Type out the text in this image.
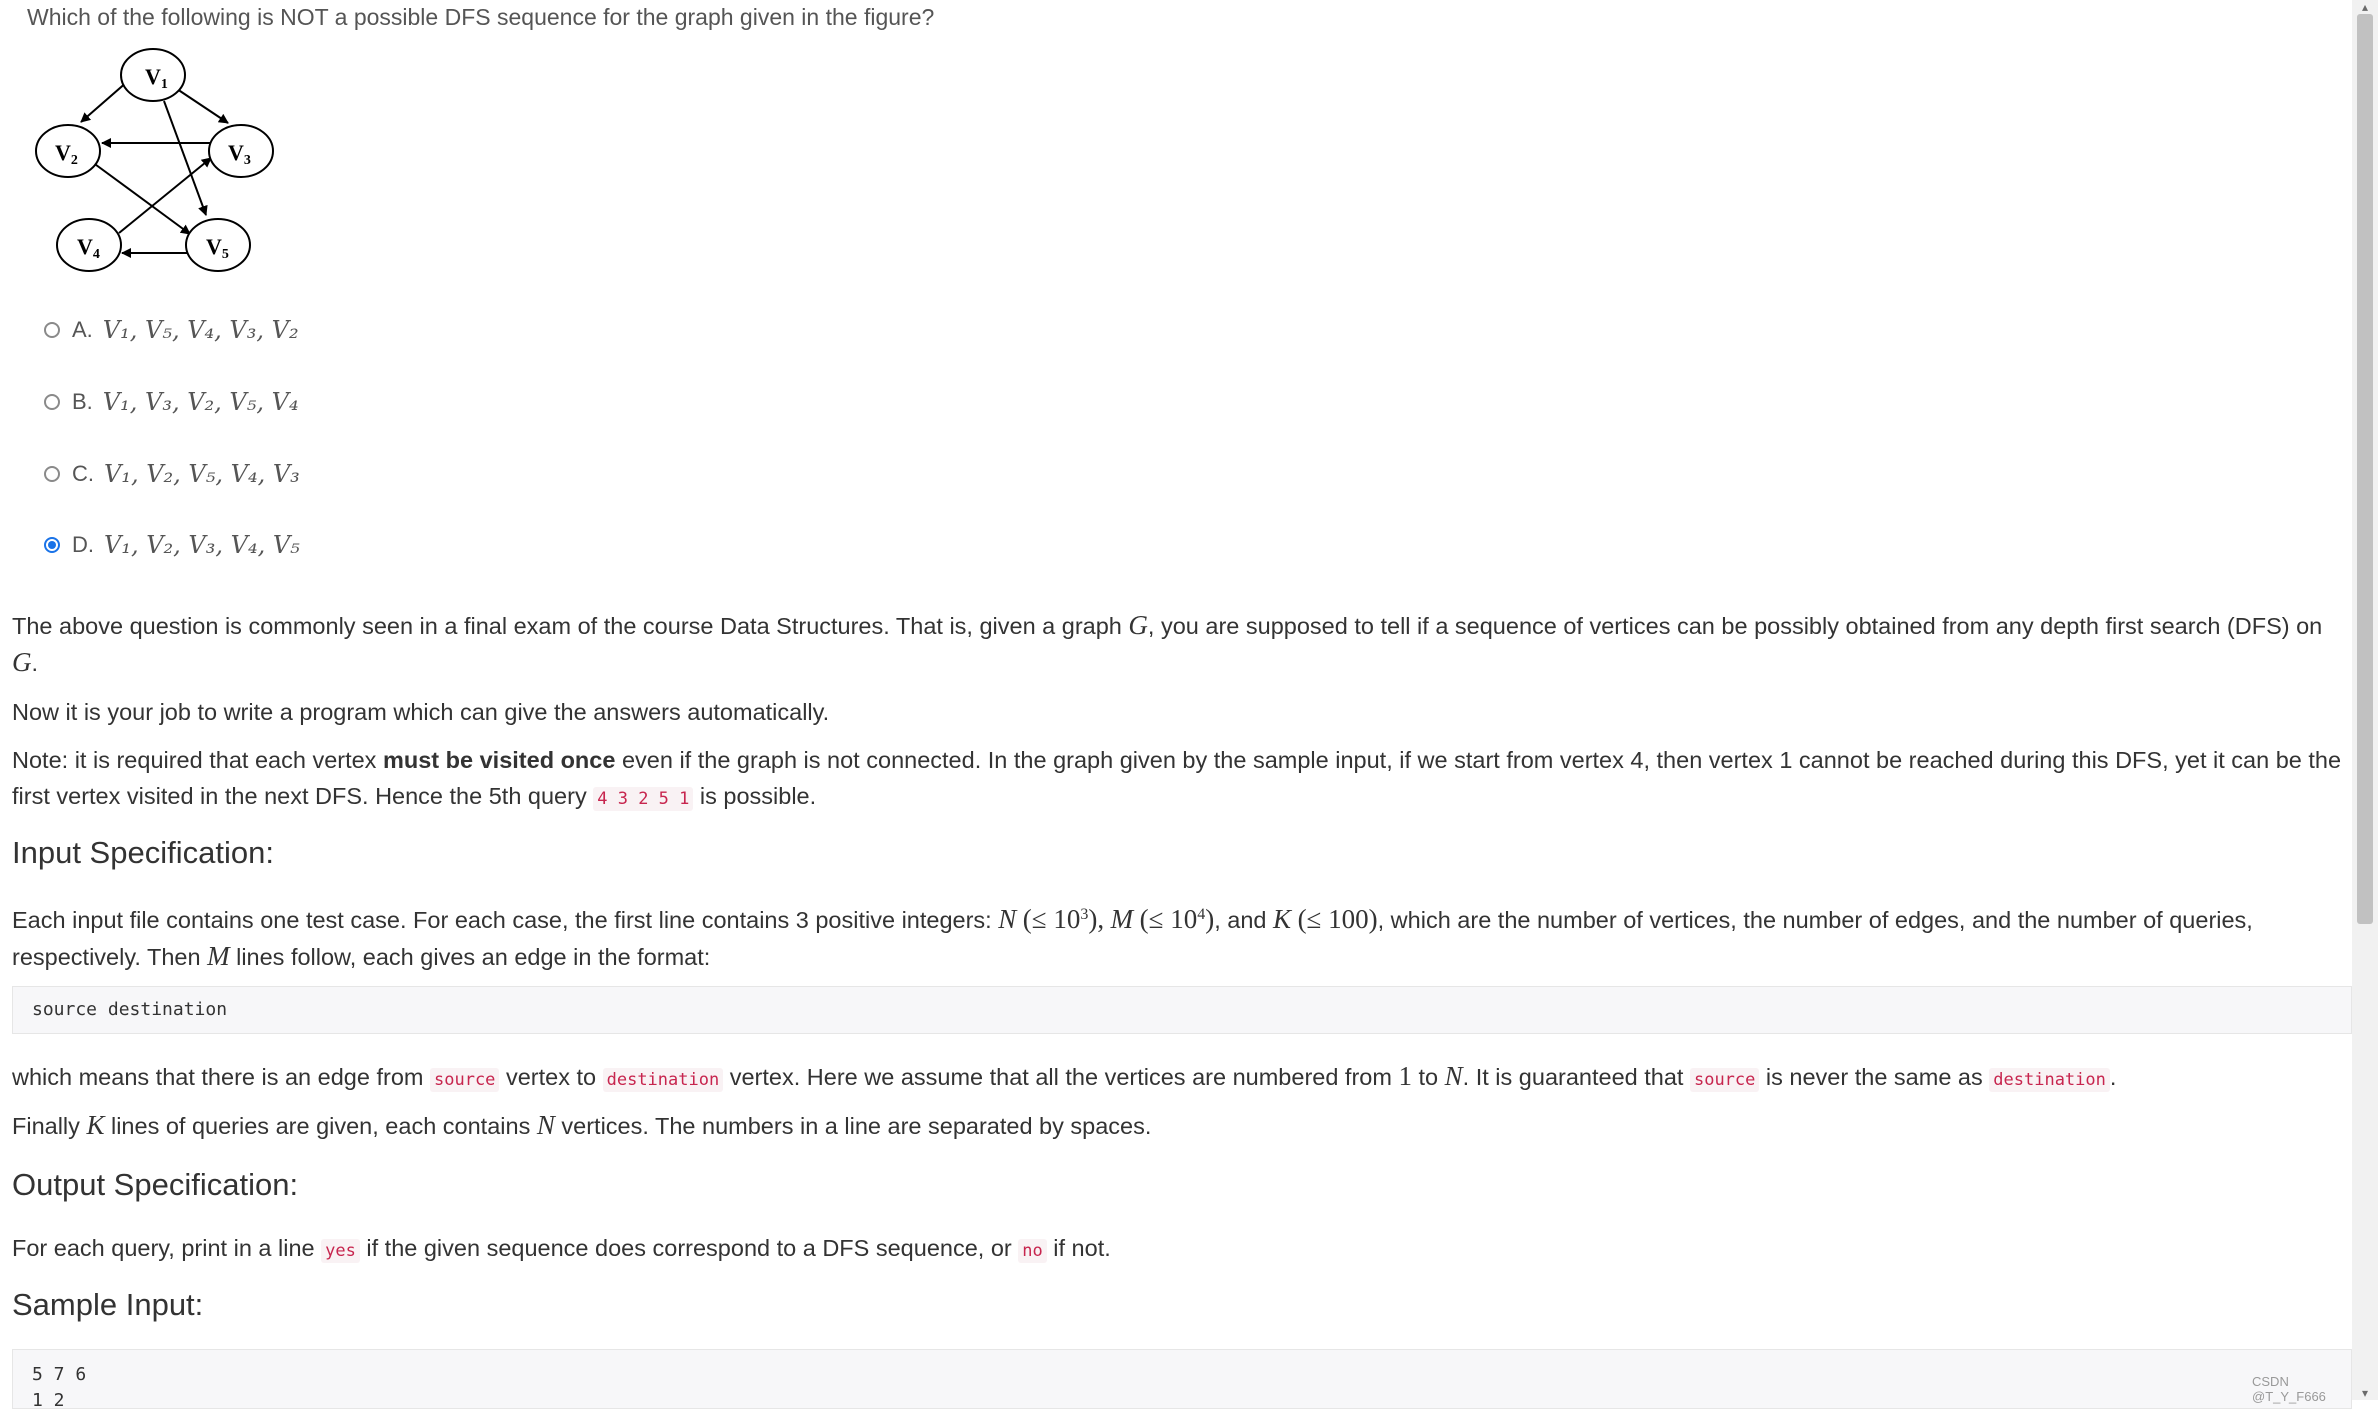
Which of the following is NOT a possible DFS sequence for the graph given in the figure?
V1
V2	V3
V4	V5
A. V₁, V₅, V₄, V₃, V₂
B. V₁, V₃, V₂, V₅, V₄
C. V₁, V₂, V₅, V₄, V₃
D. V₁, V₂, V₃, V₄, V₅
The above question is commonly seen in a final exam of the course Data Structures. That is, given a graph G, you are supposed to tell if a sequence of vertices can be possibly obtained from any depth first search (DFS) on G.
Now it is your job to write a program which can give the answers automatically.
Note: it is required that each vertex must be visited once even if the graph is not connected. In the graph given by the sample input, if we start from vertex 4, then vertex 1 cannot be reached during this DFS, yet it can be the first vertex visited in the next DFS. Hence the 5th query 4 3 2 5 1 is possible.
Input Specification:
Each input file contains one test case. For each case, the first line contains 3 positive integers: N (≤ $10^3$), M (≤ $10^4$), and K (≤ 100), which are the number of vertices, the number of edges, and the number of queries, respectively. Then M lines follow, each gives an edge in the format:
source destination
which means that there is an edge from source vertex to destination vertex. Here we assume that all the vertices are numbered from 1 to N. It is guaranteed that source is never the same as destination .
Finally K lines of queries are given, each contains N vertices. The numbers in a line are separated by spaces.
Output Specification:
For each query, print in a line yes if the given sequence does correspond to a DFS sequence, or no if not.
Sample Input:
5 7 6
1 2
CSDN @T_Y_F666
▴
▾
